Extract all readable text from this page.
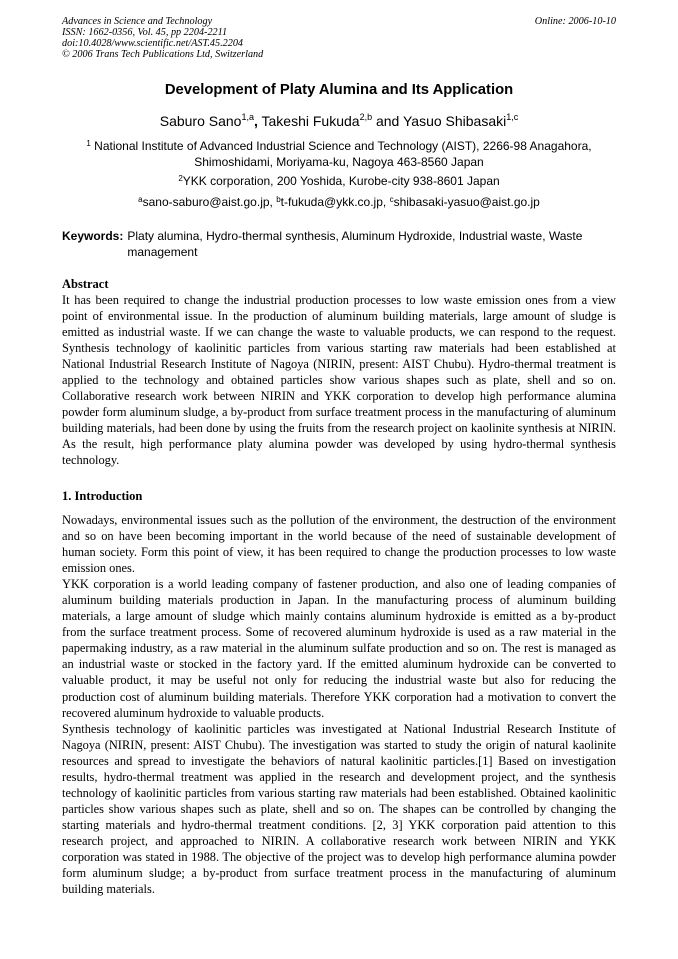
Advances in Science and Technology
ISSN: 1662-0356, Vol. 45, pp 2204-2211
doi:10.4028/www.scientific.net/AST.45.2204
© 2006 Trans Tech Publications Ltd, Switzerland
Online: 2006-10-10
Development of Platy Alumina and Its Application
Saburo Sano$^{1,a}$, Takeshi Fukuda$^{2,b}$ and Yasuo Shibasaki$^{1,c}$
$^1$ National Institute of Advanced Industrial Science and Technology (AIST), 2266-98 Anagahora, Shimoshidami, Moriyama-ku, Nagoya 463-8560 Japan
$^2$YKK corporation, 200 Yoshida, Kurobe-city 938-8601 Japan
$^a$sano-saburo@aist.go.jp, $^b$t-fukuda@ykk.co.jp, $^c$shibasaki-yasuo@aist.go.jp
Keywords: Platy alumina, Hydro-thermal synthesis, Aluminum Hydroxide, Industrial waste, Waste management
Abstract

It has been required to change the industrial production processes to low waste emission ones from a view point of environmental issue. In the production of aluminum building materials, large amount of sludge is emitted as industrial waste. If we can change the waste to valuable products, we can respond to the request. Synthesis technology of kaolinitic particles from various starting raw materials had been established at National Industrial Research Institute of Nagoya (NIRIN, present: AIST Chubu). Hydro-thermal treatment is applied to the technology and obtained particles show various shapes such as plate, shell and so on. Collaborative research work between NIRIN and YKK corporation to develop high performance alumina powder form aluminum sludge, a by-product from surface treatment process in the manufacturing of aluminum building materials, had been done by using the fruits from the research project on kaolinite synthesis at NIRIN. As the result, high performance platy alumina powder was developed by using hydro-thermal synthesis technology.

1. Introduction

Nowadays, environmental issues such as the pollution of the environment, the destruction of the environment and so on have been becoming important in the world because of the need of sustainable development of human society. Form this point of view, it has been required to change the production processes to low waste emission ones.

YKK corporation is a world leading company of fastener production, and also one of leading companies of aluminum building materials production in Japan. In the manufacturing process of aluminum building materials, a large amount of sludge which mainly contains aluminum hydroxide is emitted as a by-product from the surface treatment process. Some of recovered aluminum hydroxide is used as a raw material in the papermaking industry, as a raw material in the aluminum sulfate production and so on. The rest is managed as an industrial waste or stocked in the factory yard. If the emitted aluminum hydroxide can be converted to valuable product, it may be useful not only for reducing the industrial waste but also for reducing the production cost of aluminum building materials. Therefore YKK corporation had a motivation to convert the recovered aluminum hydroxide to valuable products.

Synthesis technology of kaolinitic particles was investigated at National Industrial Research Institute of Nagoya (NIRIN, present: AIST Chubu). The investigation was started to study the origin of natural kaolinite resources and spread to investigate the behaviors of natural kaolinitic particles.[1] Based on investigation results, hydro-thermal treatment was applied in the research and development project, and the synthesis technology of kaolinitic particles from various starting raw materials had been established. Obtained kaolinitic particles show various shapes such as plate, shell and so on. The shapes can be controlled by changing the starting materials and hydro-thermal treatment conditions. [2, 3] YKK corporation paid attention to this research project, and approached to NIRIN. A collaborative research work between NIRIN and YKK corporation was stated in 1988. The objective of the project was to develop high performance alumina powder form aluminum sludge; a by-product from surface treatment process in the manufacturing of aluminum building materials.
